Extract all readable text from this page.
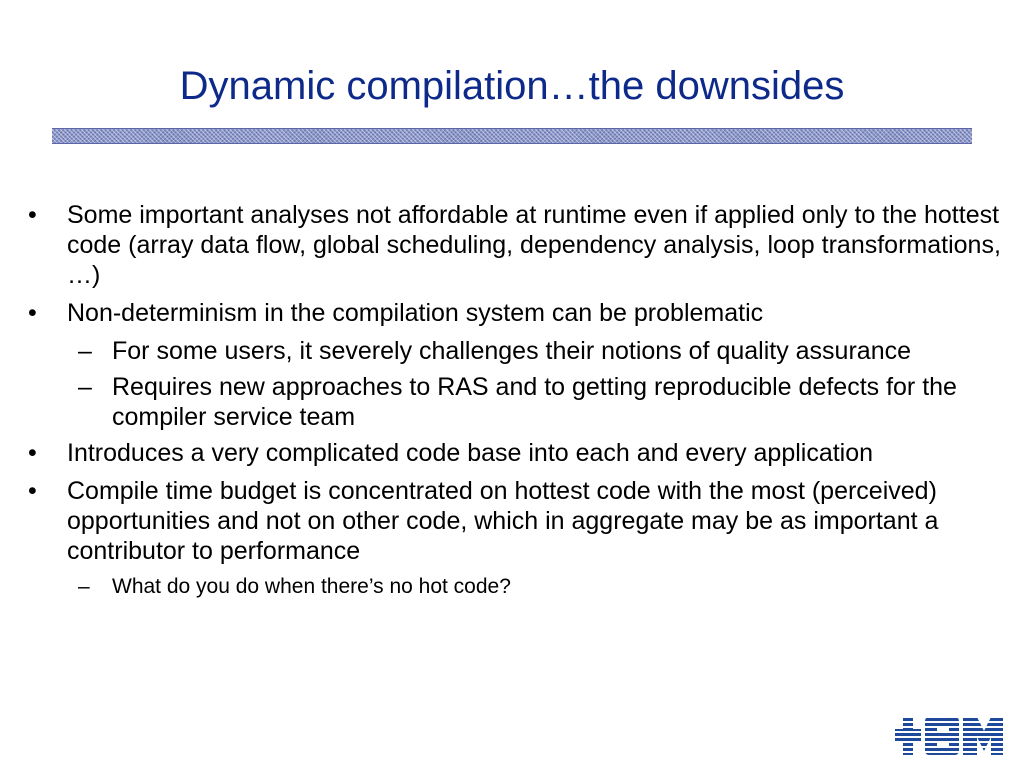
Dynamic compilation…the downsides
•	Some important analyses not affordable at runtime even if applied only to the hottest code (array data flow, global scheduling, dependency analysis, loop transformations, …)
•	Non-determinism in the compilation system can be problematic
– For some users, it severely challenges their notions of quality assurance
– Requires new approaches to RAS and to getting reproducible defects for the compiler service team
•	Introduces a very complicated code base into each and every application
•	Compile time budget is concentrated on hottest code with the most (perceived) opportunities and not on other code, which in aggregate may be as important a contributor to performance
–	What do you do when there’s no hot code?
